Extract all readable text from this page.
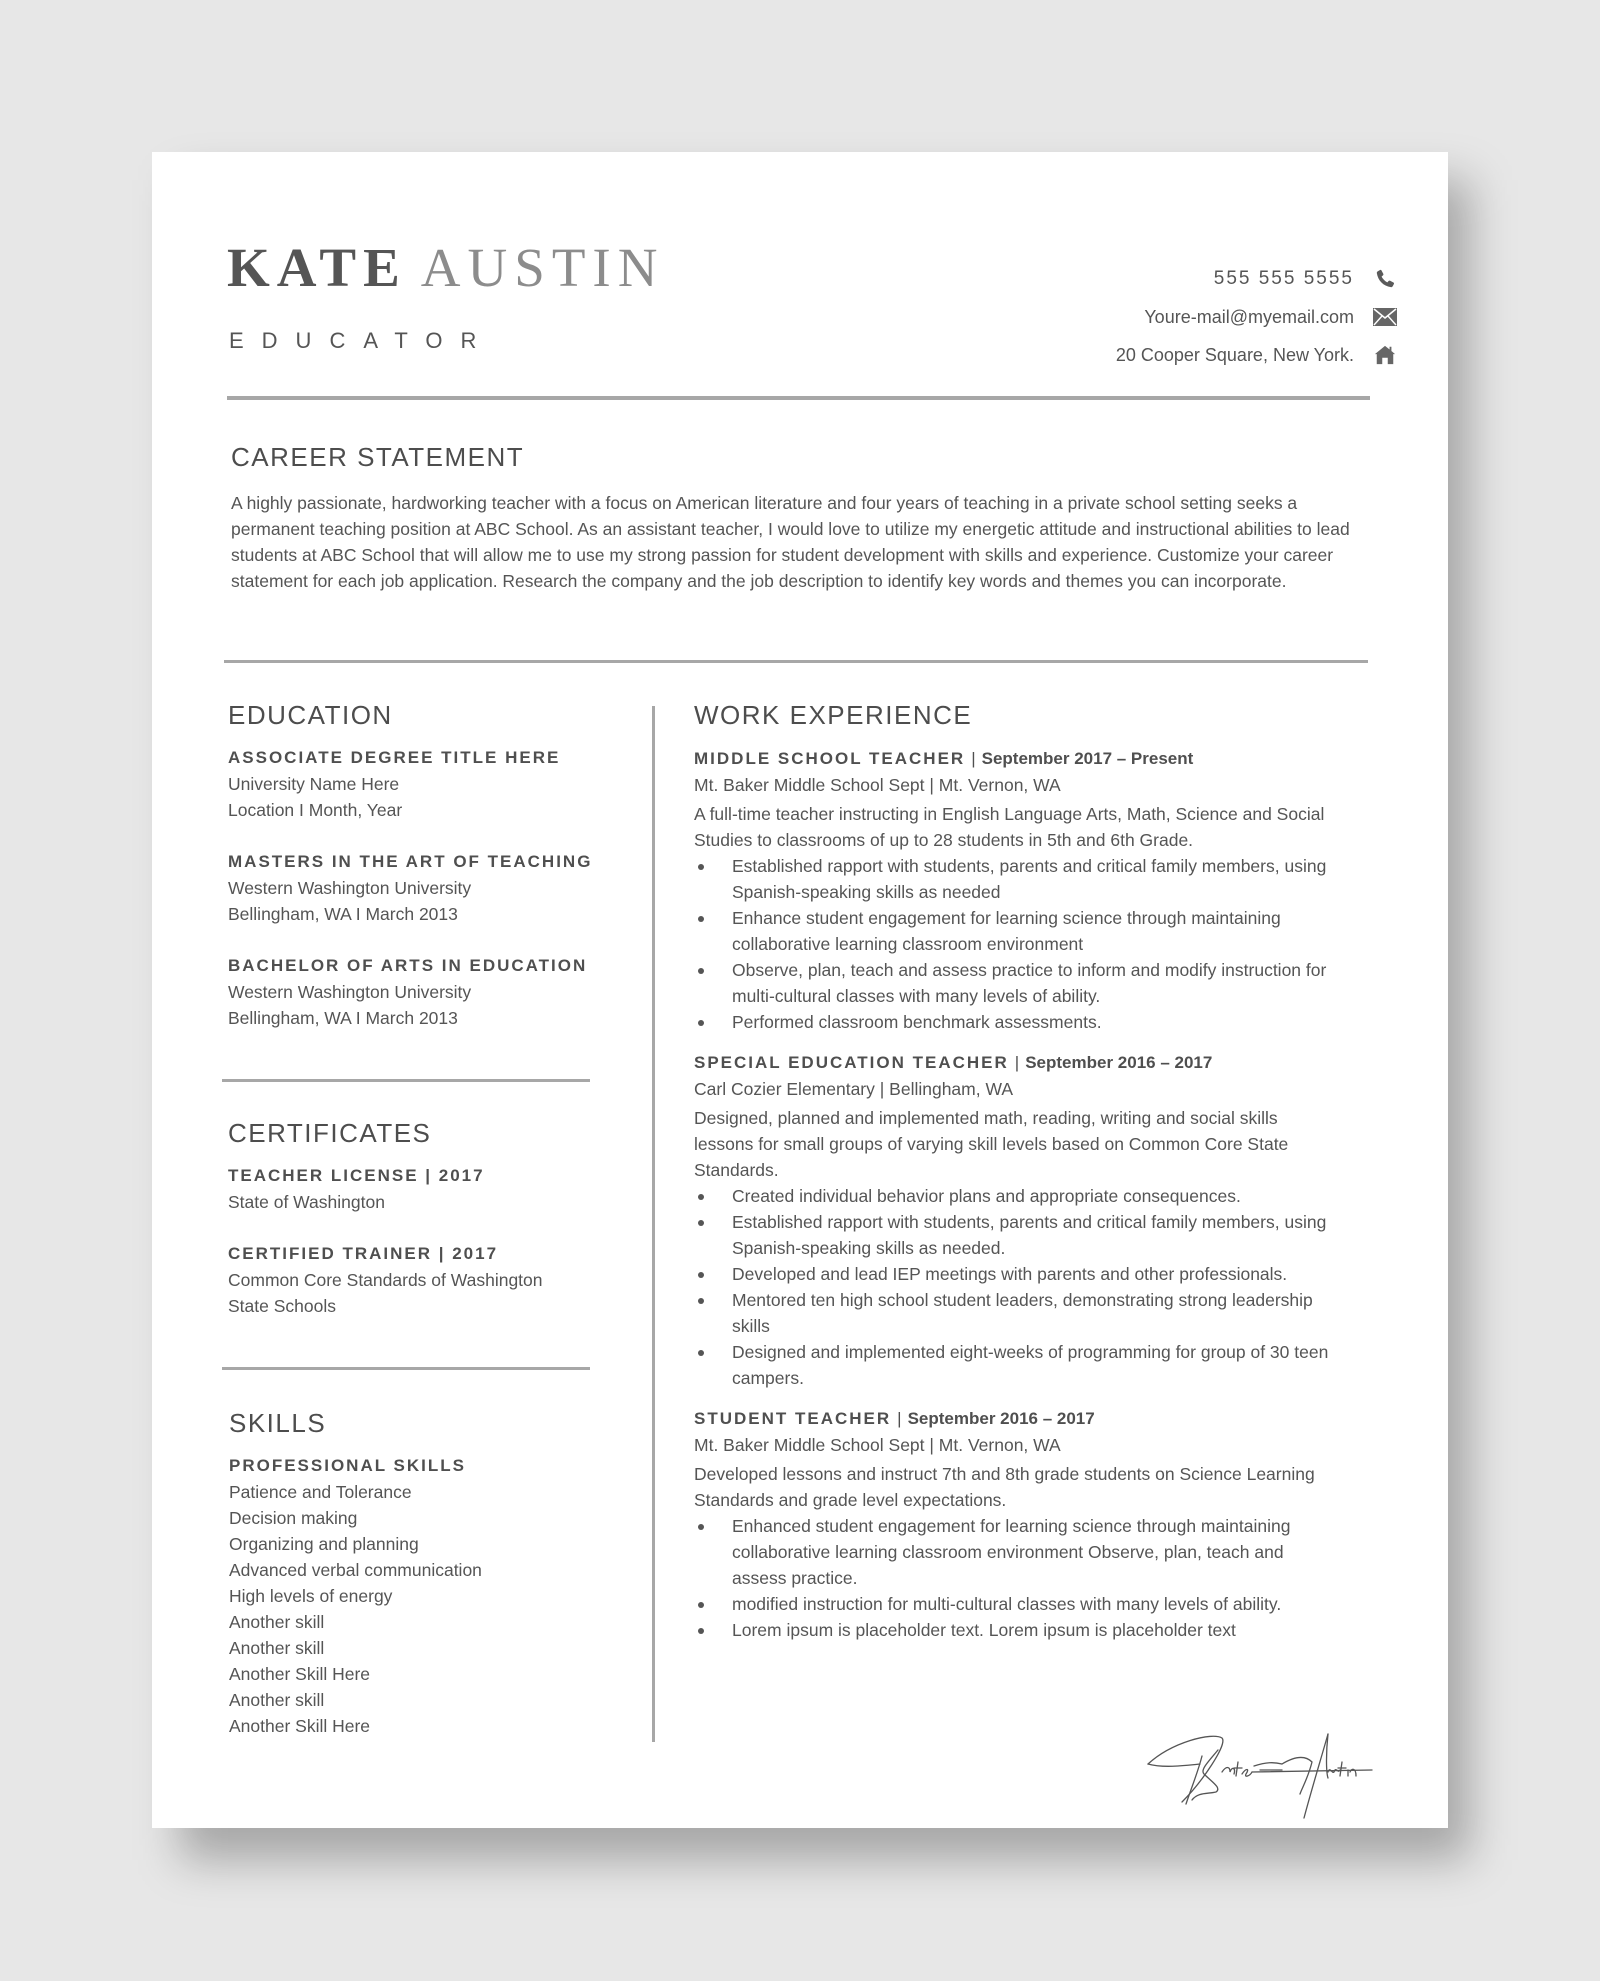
KATE AUSTIN
EDUCATOR
555 555 5555
Youre-mail@myemail.com
20 Cooper Square, New York.
CAREER STATEMENT
A highly passionate, hardworking teacher with a focus on American literature and four years of teaching in a private school setting seeks a permanent teaching position at ABC School. As an assistant teacher, I would love to utilize my energetic attitude and instructional abilities to lead students at ABC School that will allow me to use my strong passion for student development with skills and experience. Customize your career statement for each job application. Research the company and the job description to identify key words and themes you can incorporate.
EDUCATION
ASSOCIATE DEGREE TITLE HERE
University Name Here
Location I Month, Year
MASTERS IN THE ART OF TEACHING
Western Washington University
Bellingham, WA I March 2013
BACHELOR OF ARTS IN EDUCATION
Western Washington University
Bellingham, WA I March 2013
CERTIFICATES
TEACHER LICENSE | 2017
State of Washington
CERTIFIED TRAINER | 2017
Common Core Standards of Washington
State Schools
SKILLS
PROFESSIONAL SKILLS
Patience and Tolerance
Decision making
Organizing and planning
Advanced verbal communication
High levels of energy
Another skill
Another skill
Another Skill Here
Another skill
Another Skill Here
WORK EXPERIENCE
MIDDLE SCHOOL TEACHER | September 2017 – Present
Mt. Baker Middle School Sept | Mt. Vernon, WA
A full-time teacher instructing in English Language Arts, Math, Science and Social Studies to classrooms of up to 28 students in 5th and 6th Grade.
Established rapport with students, parents and critical family members, using Spanish-speaking skills as needed
Enhance student engagement for learning science through maintaining collaborative learning classroom environment
Observe, plan, teach and assess practice to inform and modify instruction for multi-cultural classes with many levels of ability.
Performed classroom benchmark assessments.
SPECIAL EDUCATION TEACHER | September 2016 – 2017
Carl Cozier Elementary | Bellingham, WA
Designed, planned and implemented math, reading, writing and social skills lessons for small groups of varying skill levels based on Common Core State Standards.
Created individual behavior plans and appropriate consequences.
Established rapport with students, parents and critical family members, using Spanish-speaking skills as needed.
Developed and lead IEP meetings with parents and other professionals.
Mentored ten high school student leaders, demonstrating strong leadership skills
Designed and implemented eight-weeks of programming for group of 30 teen campers.
STUDENT TEACHER | September 2016 – 2017
Mt. Baker Middle School Sept | Mt. Vernon, WA
Developed lessons and instruct 7th and 8th grade students on Science Learning Standards and grade level expectations.
Enhanced student engagement for learning science through maintaining collaborative learning classroom environment Observe, plan, teach and assess practice.
modified instruction for multi-cultural classes with many levels of ability.
Lorem ipsum is placeholder text. Lorem ipsum is placeholder text
